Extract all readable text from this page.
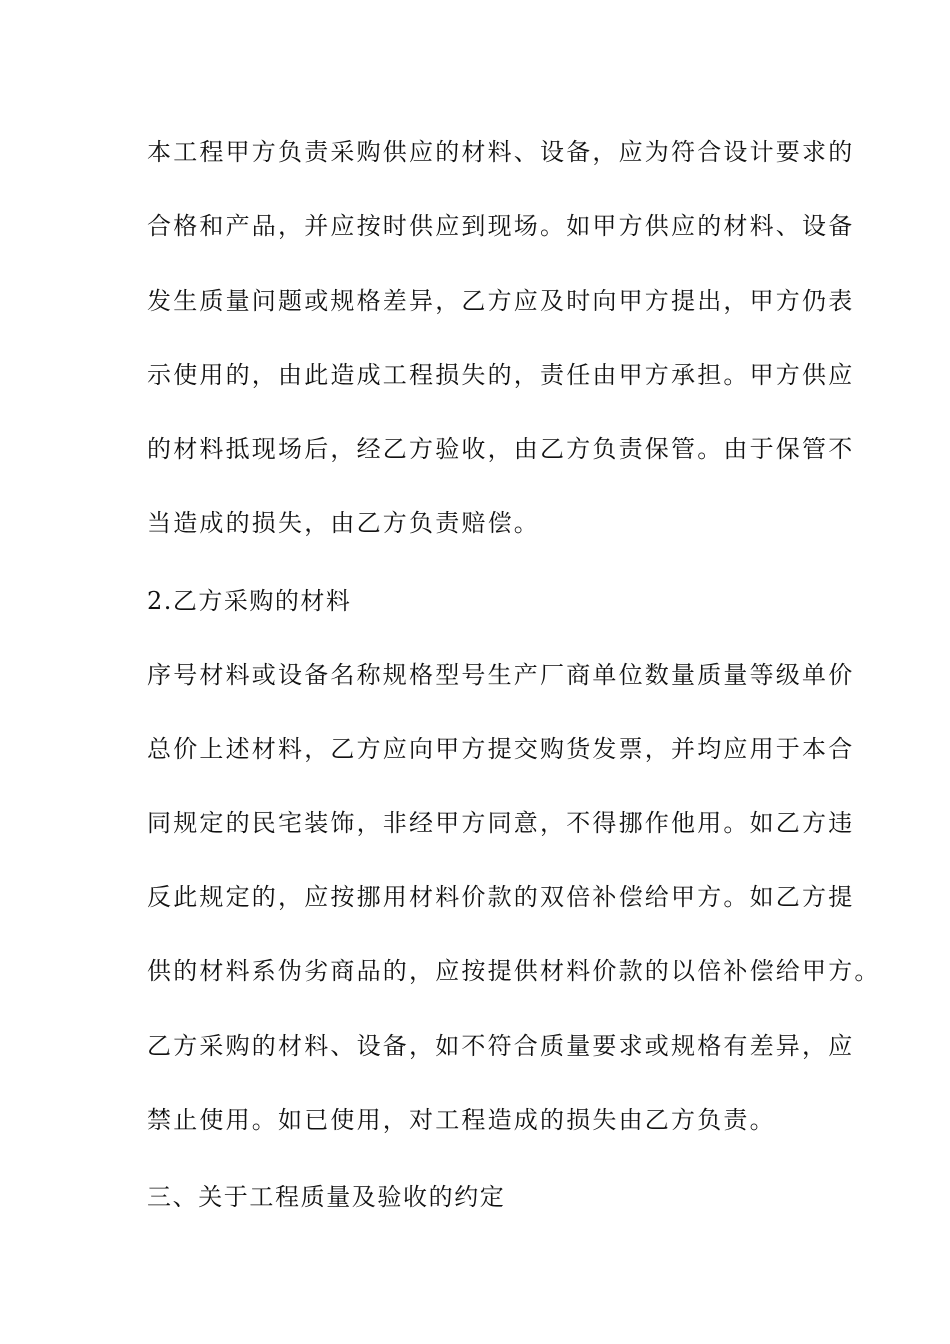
本工程甲方负责采购供应的材料、设备，应为符合设计要求的
合格和产品，并应按时供应到现场。如甲方供应的材料、设备
发生质量问题或规格差异，乙方应及时向甲方提出，甲方仍表
示使用的，由此造成工程损失的，责任由甲方承担。甲方供应
的材料抵现场后，经乙方验收，由乙方负责保管。由于保管不
当造成的损失，由乙方负责赔偿。
2.乙方采购的材料
序号材料或设备名称规格型号生产厂商单位数量质量等级单价
总价上述材料，乙方应向甲方提交购货发票，并均应用于本合
同规定的民宅装饰，非经甲方同意，不得挪作他用。如乙方违
反此规定的，应按挪用材料价款的双倍补偿给甲方。如乙方提
供的材料系伪劣商品的，应按提供材料价款的以倍补偿给甲方。
乙方采购的材料、设备，如不符合质量要求或规格有差异，应
禁止使用。如已使用，对工程造成的损失由乙方负责。
三、关于工程质量及验收的约定
